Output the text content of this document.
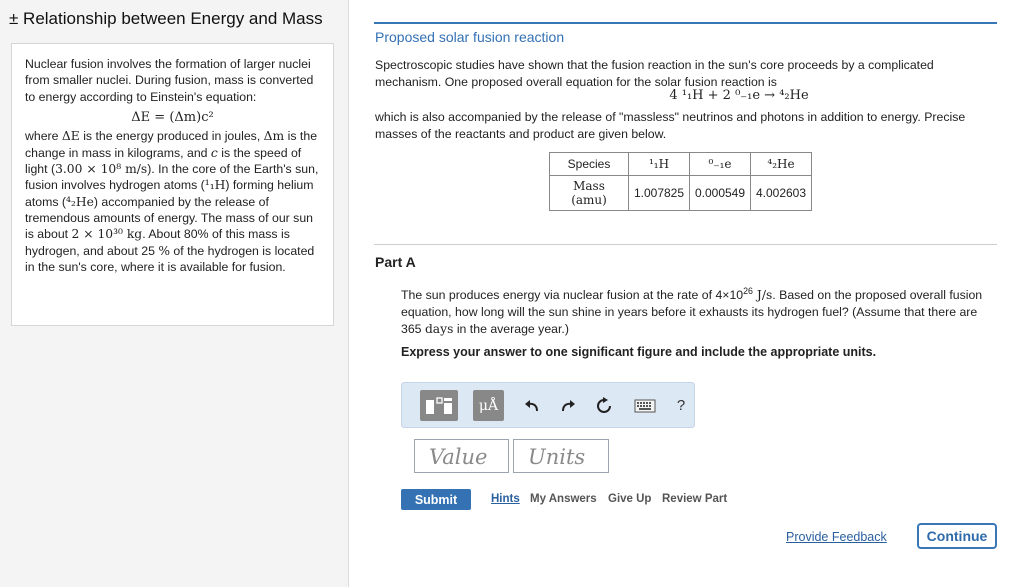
± Relationship between Energy and Mass

Nuclear fusion involves the formation of larger nuclei from smaller nuclei. During fusion, mass is converted to energy according to Einstein's equation:

ΔE = (Δm)c²

where ΔE is the energy produced in joules, Δm is the change in mass in kilograms, and c is the speed of light (3.00 × 10⁸ m/s). In the core of the Earth's sun, fusion involves hydrogen atoms (¹₁H) forming helium atoms (⁴₂He) accompanied by the release of tremendous amounts of energy. The mass of our sun is about 2 × 10³⁰ kg. About 80% of this mass is hydrogen, and about 25 % of the hydrogen is located in the sun's core, where it is available for fusion.

Proposed solar fusion reaction
Spectroscopic studies have shown that the fusion reaction in the sun's core proceeds by a complicated mechanism. One proposed overall equation for the solar fusion reaction is
4 ¹₁H + 2 ⁰₋₁e → ⁴₂He
which is also accompanied by the release of "massless" neutrinos and photons in addition to energy. Precise masses of the reactants and product are given below.
Species	¹₁H	⁰₋₁e	⁴₂He
Mass (amu)	1.007825	0.000549	4.002603
Part A
The sun produces energy via nuclear fusion at the rate of $4\times 10^{26}$ J/s. Based on the proposed overall fusion equation, how long will the sun shine in years before it exhausts its hydrogen fuel? (Assume that there are 365 days in the average year.)
Express your answer to one significant figure and include the appropriate units.
μÅ	?
Value	Units
Submit	Hints My Answers Give Up Review Part
Provide Feedback	Continue
